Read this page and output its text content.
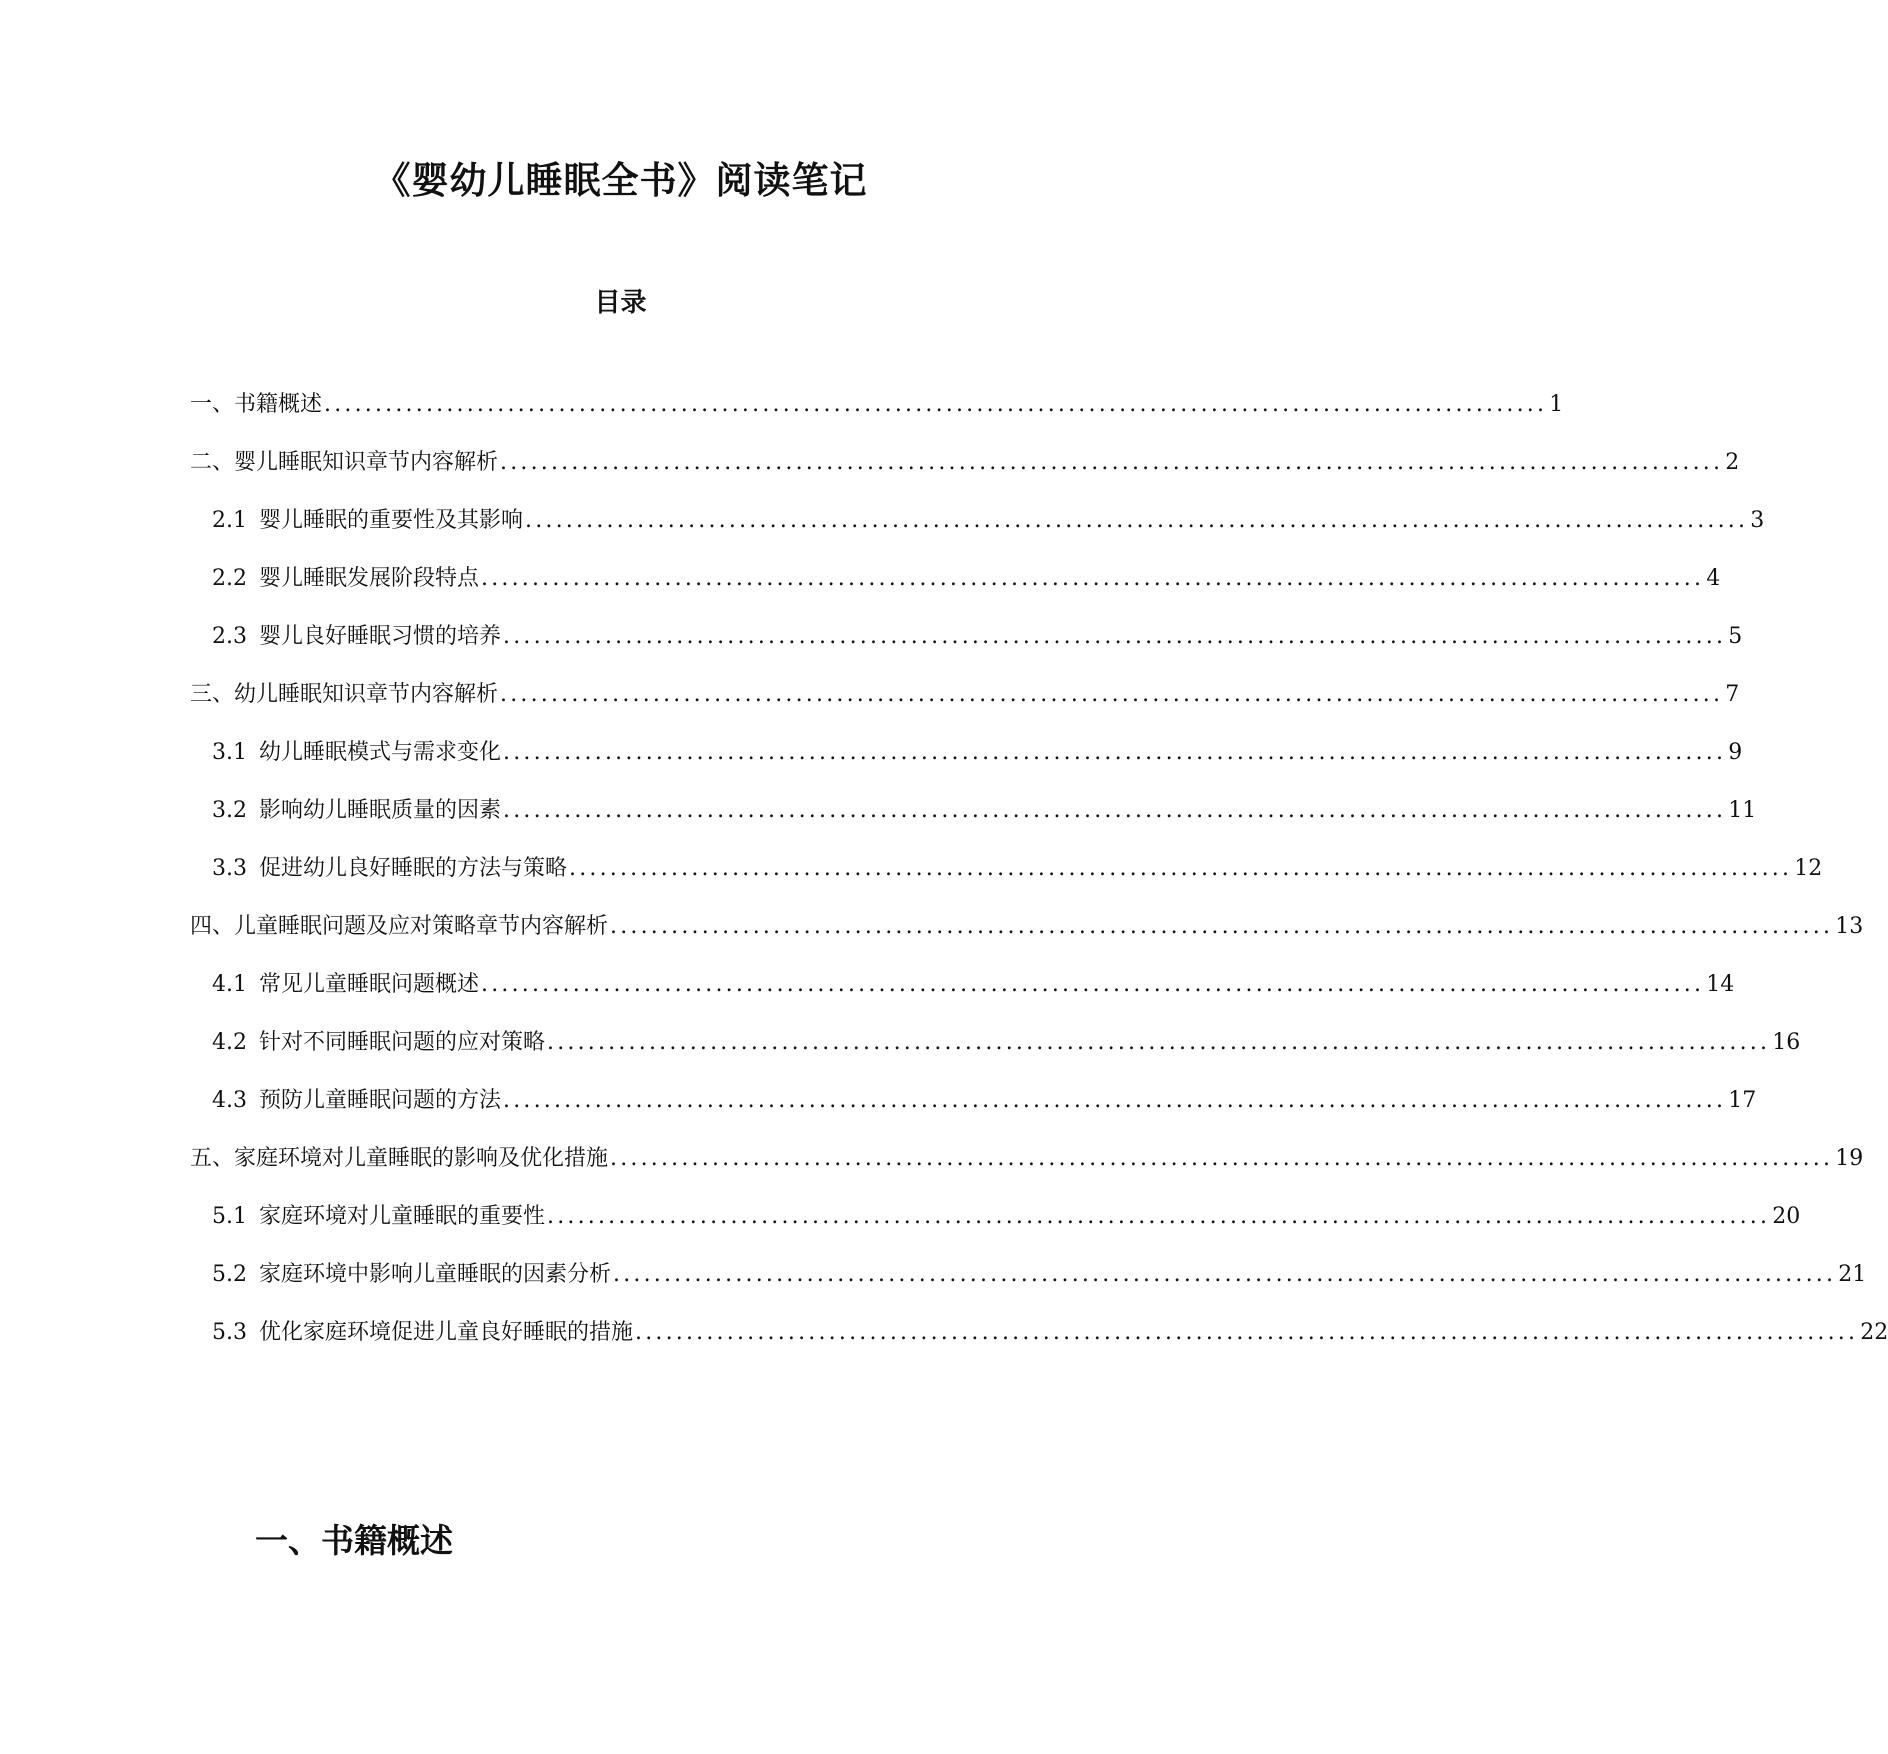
《婴幼儿睡眠全书》阅读笔记
目录
一、书籍概述 ........................................................................................................................ 1
二、婴儿睡眠知识章节内容解析 ........................................................................................................................ 2
2.1 婴儿睡眠的重要性及其影响 ........................................................................................................................ 3
2.2 婴儿睡眠发展阶段特点 ........................................................................................................................ 4
2.3 婴儿良好睡眠习惯的培养 ........................................................................................................................ 5
三、幼儿睡眠知识章节内容解析 ........................................................................................................................ 7
3.1 幼儿睡眠模式与需求变化 ........................................................................................................................ 9
3.2 影响幼儿睡眠质量的因素 ........................................................................................................................ 11
3.3 促进幼儿良好睡眠的方法与策略 ........................................................................................................................ 12
四、儿童睡眠问题及应对策略章节内容解析 ........................................................................................................................ 13
4.1 常见儿童睡眠问题概述 ........................................................................................................................ 14
4.2 针对不同睡眠问题的应对策略 ........................................................................................................................ 16
4.3 预防儿童睡眠问题的方法 ........................................................................................................................ 17
五、家庭环境对儿童睡眠的影响及优化措施 ........................................................................................................................ 19
5.1 家庭环境对儿童睡眠的重要性 ........................................................................................................................ 20
5.2 家庭环境中影响儿童睡眠的因素分析 ........................................................................................................................ 21
5.3 优化家庭环境促进儿童良好睡眠的措施 ........................................................................................................................ 22
一、书籍概述
